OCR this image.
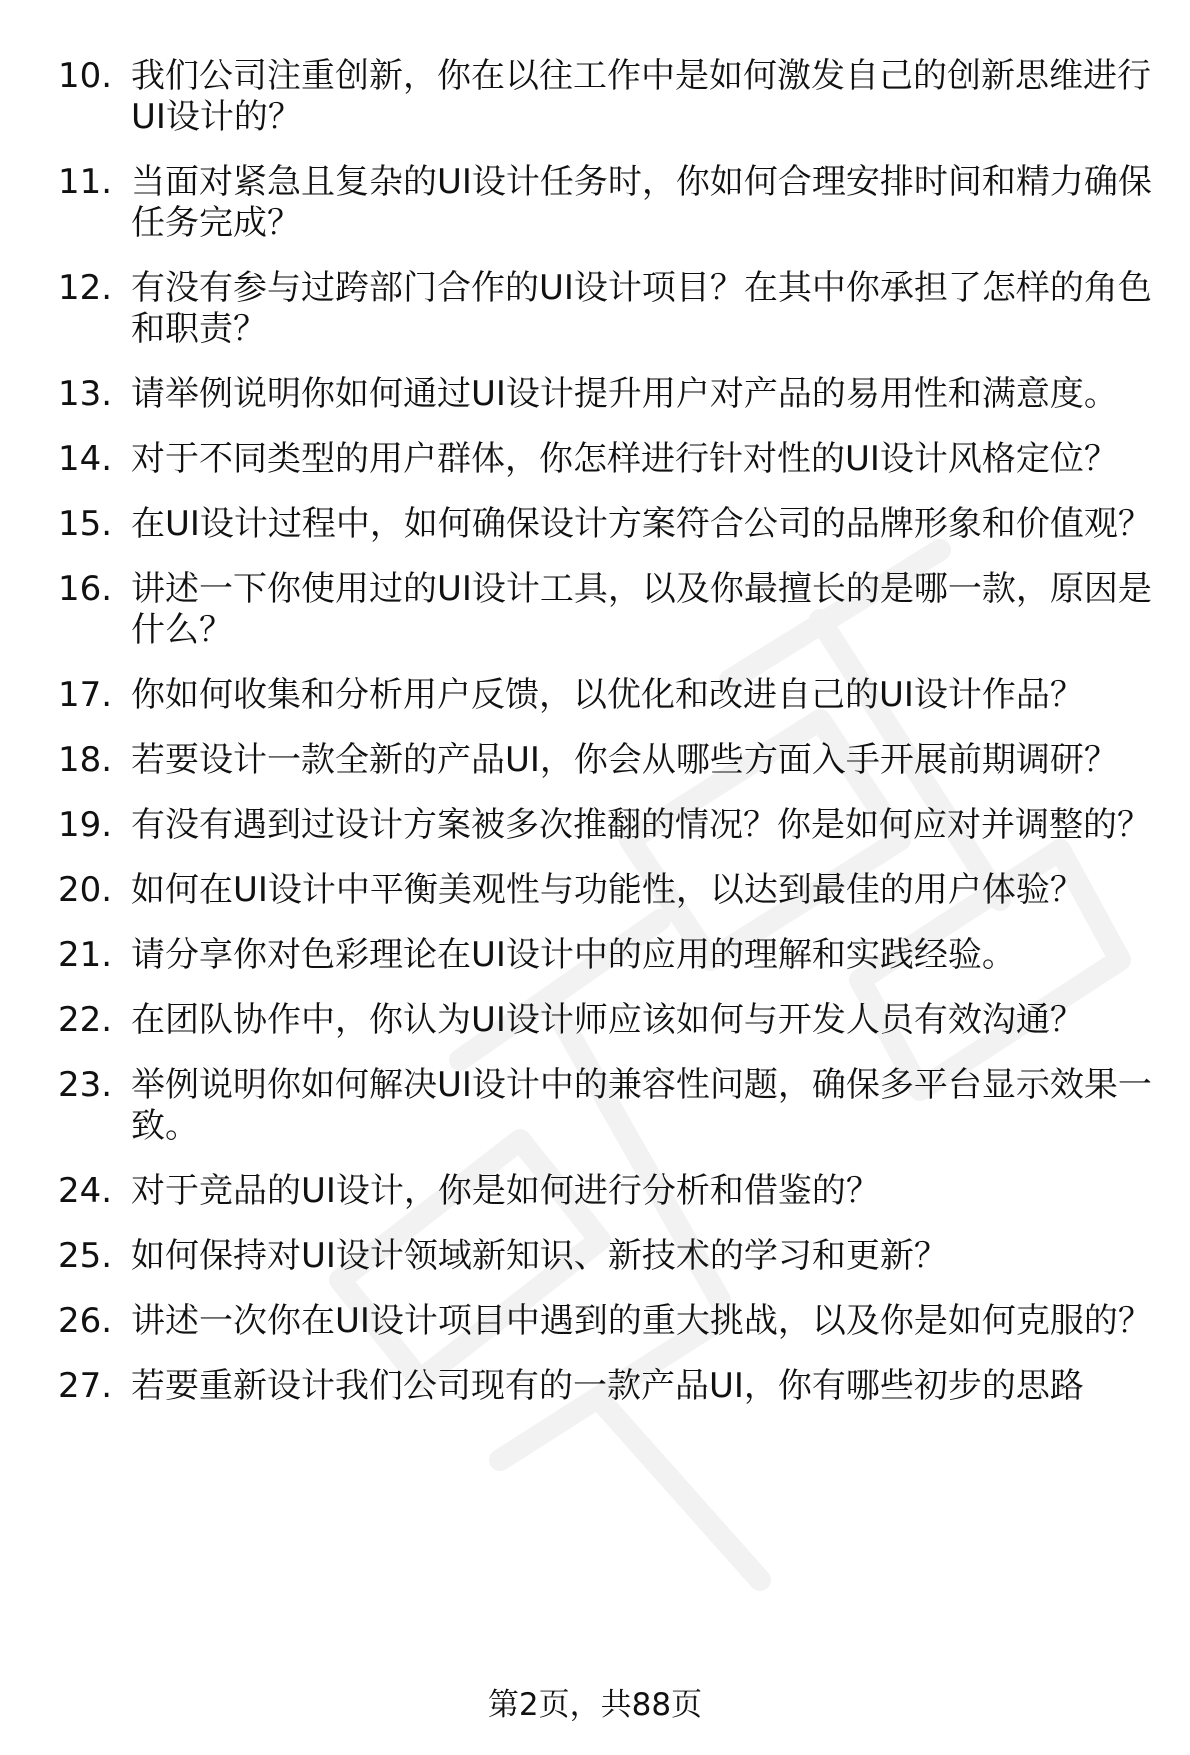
10. 我们公司注重创新，你在以往工作中是如何激发自己的创新思维进行UI设计的？
11. 当面对紧急且复杂的UI设计任务时，你如何合理安排时间和精力确保任务完成？
12. 有没有参与过跨部门合作的UI设计项目？在其中你承担了怎样的角色和职责？
13. 请举例说明你如何通过UI设计提升用户对产品的易用性和满意度。
14. 对于不同类型的用户群体，你怎样进行针对性的UI设计风格定位？
15. 在UI设计过程中，如何确保设计方案符合公司的品牌形象和价值观？
16. 讲述一下你使用过的UI设计工具，以及你最擅长的是哪一款，原因是什么？
17. 你如何收集和分析用户反馈，以优化和改进自己的UI设计作品？
18. 若要设计一款全新的产品UI，你会从哪些方面入手开展前期调研？
19. 有没有遇到过设计方案被多次推翻的情况？你是如何应对并调整的？
20. 如何在UI设计中平衡美观性与功能性，以达到最佳的用户体验？
21. 请分享你对色彩理论在UI设计中的应用的理解和实践经验。
22. 在团队协作中，你认为UI设计师应该如何与开发人员有效沟通？
23. 举例说明你如何解决UI设计中的兼容性问题，确保多平台显示效果一致。
24. 对于竞品的UI设计，你是如何进行分析和借鉴的？
25. 如何保持对UI设计领域新知识、新技术的学习和更新？
26. 讲述一次你在UI设计项目中遇到的重大挑战，以及你是如何克服的？
27. 若要重新设计我们公司现有的一款产品UI，你有哪些初步的思路
第2页，共88页
